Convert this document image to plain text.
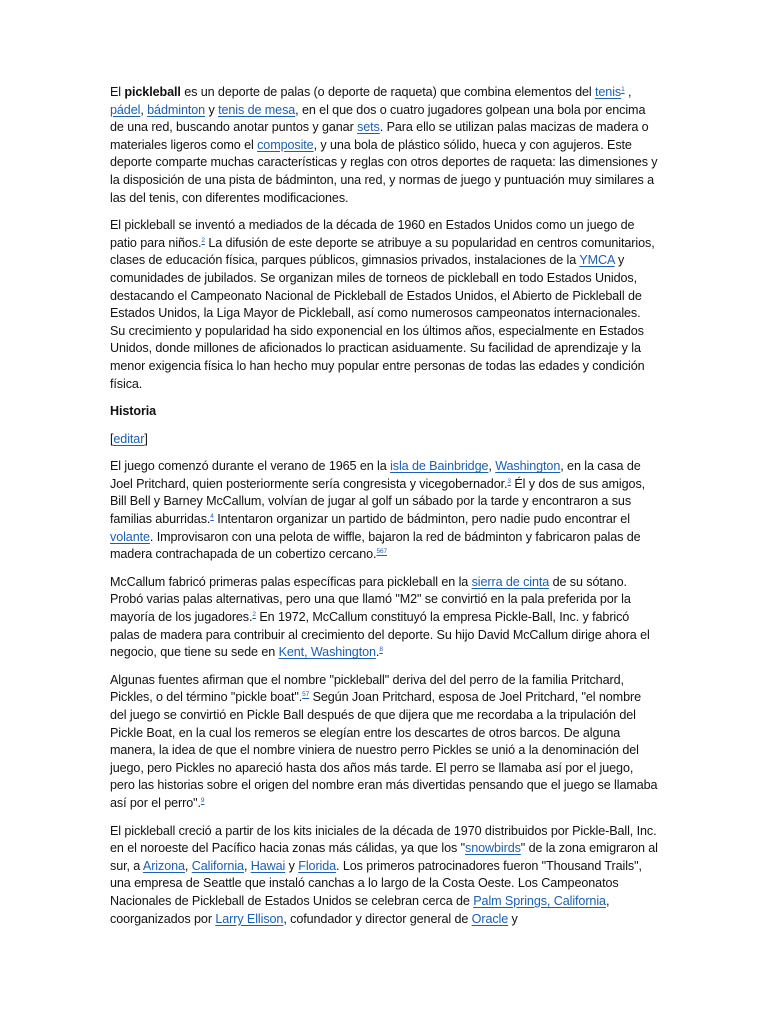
El pickleball es un deporte de palas (o deporte de raqueta) que combina elementos del tenis$^1$ , pádel, bádminton y tenis de mesa, en el que dos o cuatro jugadores golpean una bola por encima de una red, buscando anotar puntos y ganar sets. Para ello se utilizan palas macizas de madera o materiales ligeros como el composite, y una bola de plástico sólido, hueca y con agujeros. Este deporte comparte muchas características y reglas con otros deportes de raqueta: las dimensiones y la disposición de una pista de bádminton, una red, y normas de juego y puntuación muy similares a las del tenis, con diferentes modificaciones.

El pickleball se inventó a mediados de la década de 1960 en Estados Unidos como un juego de patio para niños.$^2$ La difusión de este deporte se atribuye a su popularidad en centros comunitarios, clases de educación física, parques públicos, gimnasios privados, instalaciones de la YMCA y comunidades de jubilados. Se organizan miles de torneos de pickleball en todo Estados Unidos, destacando el Campeonato Nacional de Pickleball de Estados Unidos, el Abierto de Pickleball de Estados Unidos, la Liga Mayor de Pickleball, así como numerosos campeonatos internacionales. Su crecimiento y popularidad ha sido exponencial en los últimos años, especialmente en Estados Unidos, donde millones de aficionados lo practican asiduamente. Su facilidad de aprendizaje y la menor exigencia física lo han hecho muy popular entre personas de todas las edades y condición física.

Historia

[editar]

El juego comenzó durante el verano de 1965 en la isla de Bainbridge, Washington, en la casa de Joel Pritchard, quien posteriormente sería congresista y vicegobernador.$^3$ Él y dos de sus amigos, Bill Bell y Barney McCallum, volvían de jugar al golf un sábado por la tarde y encontraron a sus familias aburridas.$^4$ Intentaron organizar un partido de bádminton, pero nadie pudo encontrar el volante. Improvisaron con una pelota de wiffle, bajaron la red de bádminton y fabricaron palas de madera contrachapada de un cobertizo cercano.$^{567}$

McCallum fabricó primeras palas específicas para pickleball en la sierra de cinta de su sótano. Probó varias palas alternativas, pero una que llamó "M2" se convirtió en la pala preferida por la mayoría de los jugadores.$^2$ En 1972, McCallum constituyó la empresa Pickle-Ball, Inc. y fabricó palas de madera para contribuir al crecimiento del deporte. Su hijo David McCallum dirige ahora el negocio, que tiene su sede en Kent, Washington.$^8$

Algunas fuentes afirman que el nombre "pickleball" deriva del del perro de la familia Pritchard, Pickles, o del término "pickle boat".$^{57}$ Según Joan Pritchard, esposa de Joel Pritchard, "el nombre del juego se convirtió en Pickle Ball después de que dijera que me recordaba a la tripulación del Pickle Boat, en la cual los remeros se elegían entre los descartes de otros barcos. De alguna manera, la idea de que el nombre viniera de nuestro perro Pickles se unió a la denominación del juego, pero Pickles no apareció hasta dos años más tarde. El perro se llamaba así por el juego, pero las historias sobre el origen del nombre eran más divertidas pensando que el juego se llamaba así por el perro".$^9$

El pickleball creció a partir de los kits iniciales de la década de 1970 distribuidos por Pickle-Ball, Inc. en el noroeste del Pacífico hacia zonas más cálidas, ya que los "snowbirds" de la zona emigraron al sur, a Arizona, California, Hawai y Florida. Los primeros patrocinadores fueron "Thousand Trails", una empresa de Seattle que instaló canchas a lo largo de la Costa Oeste. Los Campeonatos Nacionales de Pickleball de Estados Unidos se celebran cerca de Palm Springs, California, coorganizados por Larry Ellison, cofundador y director general de Oracle y
